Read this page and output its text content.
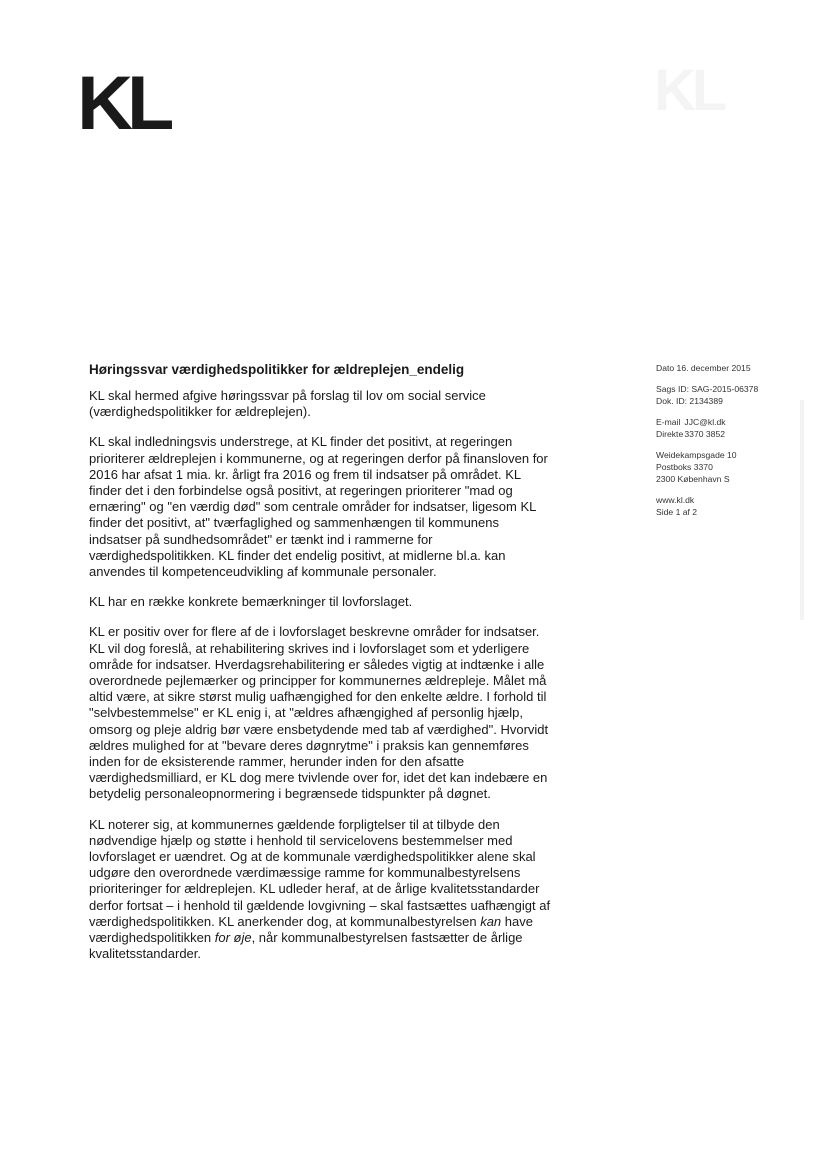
KL	KL
Høringssvar værdighedspolitikker for ældreplejen_endelig

KL skal hermed afgive høringssvar på forslag til lov om social service (værdighedspolitikker for ældreplejen).

KL skal indledningsvis understrege, at KL finder det positivt, at regeringen prioriterer ældreplejen i kommunerne, og at regeringen derfor på finansloven for 2016 har afsat 1 mia. kr. årligt fra 2016 og frem til indsatser på området. KL finder det i den forbindelse også positivt, at regeringen prioriterer "mad og ernæring" og "en værdig død" som centrale områder for indsatser, ligesom KL finder det positivt, at" tværfaglighed og sammenhængen til kommunens indsatser på sundhedsområdet" er tænkt ind i rammerne for værdighedspolitikken. KL finder det endelig positivt, at midlerne bl.a. kan anvendes til kompetenceudvikling af kommunale personaler.

KL har en række konkrete bemærkninger til lovforslaget.

KL er positiv over for flere af de i lovforslaget beskrevne områder for indsatser. KL vil dog foreslå, at rehabilitering skrives ind i lovforslaget som et yderligere område for indsatser. Hverdagsrehabilitering er således vigtig at indtænke i alle overordnede pejlemærker og principper for kommunernes ældrepleje. Målet må altid være, at sikre størst mulig uafhængighed for den enkelte ældre. I forhold til "selvbestemmelse" er KL enig i, at "ældres afhængighed af personlig hjælp, omsorg og pleje aldrig bør være ensbetydende med tab af værdighed". Hvorvidt ældres mulighed for at "bevare deres døgnrytme" i praksis kan gennemføres inden for de eksisterende rammer, herunder inden for den afsatte værdighedsmilliard, er KL dog mere tvivlende over for, idet det kan indebære en betydelig personaleopnormering i begrænsede tidspunkter på døgnet.

KL noterer sig, at kommunernes gældende forpligtelser til at tilbyde den nødvendige hjælp og støtte i henhold til servicelovens bestemmelser med lovforslaget er uændret. Og at de kommunale værdighedspolitikker alene skal udgøre den overordnede værdimæssige ramme for kommunalbestyrelsens prioriteringer for ældreplejen. KL udleder heraf, at de årlige kvalitetsstandarder derfor fortsat – i henhold til gældende lovgivning – skal fastsættes uafhængigt af værdighedspolitikken. KL anerkender dog, at kommunalbestyrelsen kan have værdighedspolitikken for øje, når kommunalbestyrelsen fastsætter de årlige kvalitetsstandarder.

Dato 16. december 2015
Sags ID: SAG-2015-06378
Dok. ID: 2134389
E-mail JJC@kl.dk
Direkte 3370 3852
Weidekampsgade 10
Postboks 3370
2300 København S
www.kl.dk
Side 1 af 2
